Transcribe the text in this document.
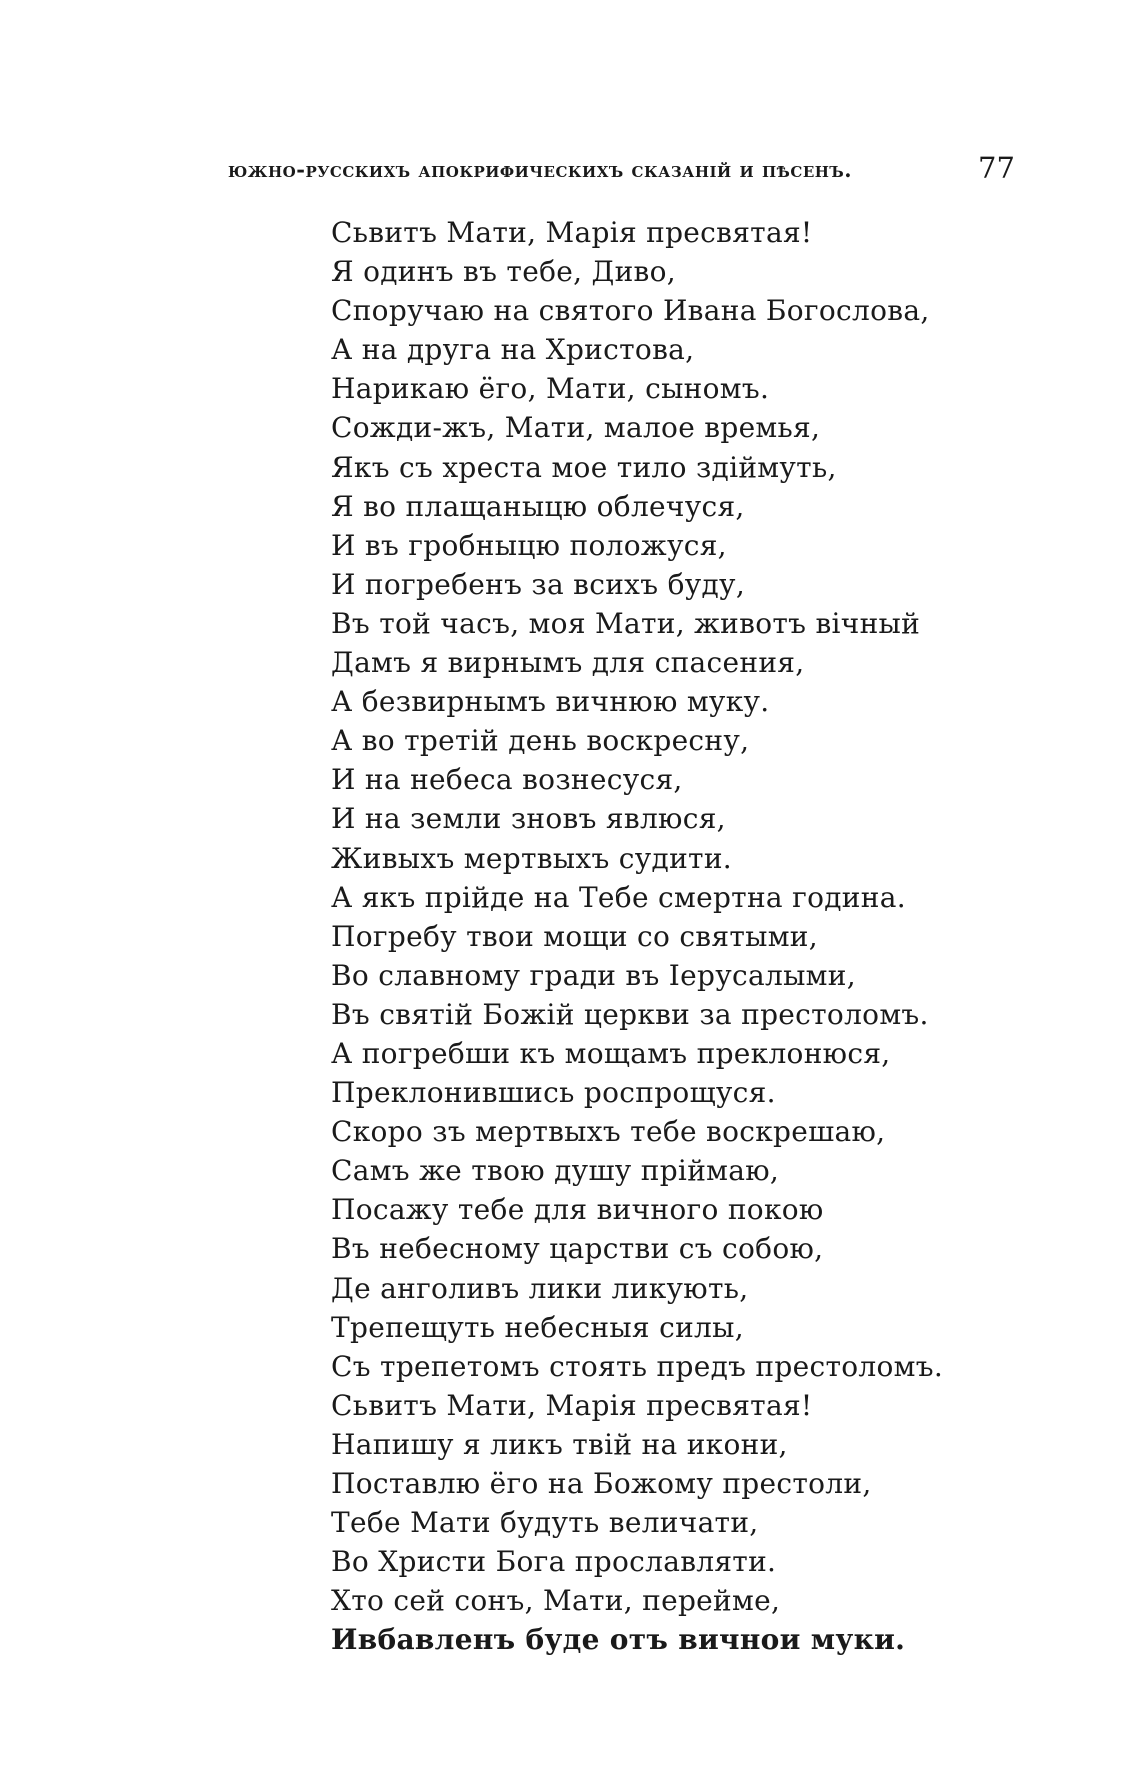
южно-русскихъ апокрифическихъ сказаній и пѣсенъ.	77
Сьвитъ Мати, Марія пресвятая!
Я одинъ въ тебе, Диво,
Споручаю на святого Ивана Богослова,
А на друга на Христова,
Нарикаю ёго, Мати, сыномъ.
Сожди-жъ, Мати, малое времья,
Якъ съ хреста мое тило здіймуть,
Я во плащаныцю облечуся,
И въ гробныцю положуся,
И погребенъ за всихъ буду,
Въ той часъ, моя Мати, животъ вічный
Дамъ я вирнымъ для спасения,
А безвирнымъ вичнюю муку.
А во третій день воскресну,
И на небеса вознесуся,
И на земли зновъ явлюся,
Живыхъ мертвыхъ судити.
А якъ прійде на Тебе смертна година.
Погребу твои мощи со святыми,
Во славному гради въ Іерусалыми,
Въ святій Божій церкви за престоломъ.
А погребши къ мощамъ преклонюся,
Преклонившись роспрощуся.
Скоро зъ мертвыхъ тебе воскрешаю,
Самъ же твою душу пріймаю,
Посажу тебе для вичного покою
Въ небесному царстви съ собою,
Де анголивъ лики ликують,
Трепещуть небесныя силы,
Съ трепетомъ стоять предъ престоломъ.
Сьвитъ Мати, Марія пресвятая!
Напишу я ликъ твій на икони,
Поставлю ёго на Божому престоли,
Тебе Мати будуть величати,
Во Христи Бога прославляти.
Хто сей сонъ, Мати, перейме,
Ивбавленъ буде отъ вичнои муки.
